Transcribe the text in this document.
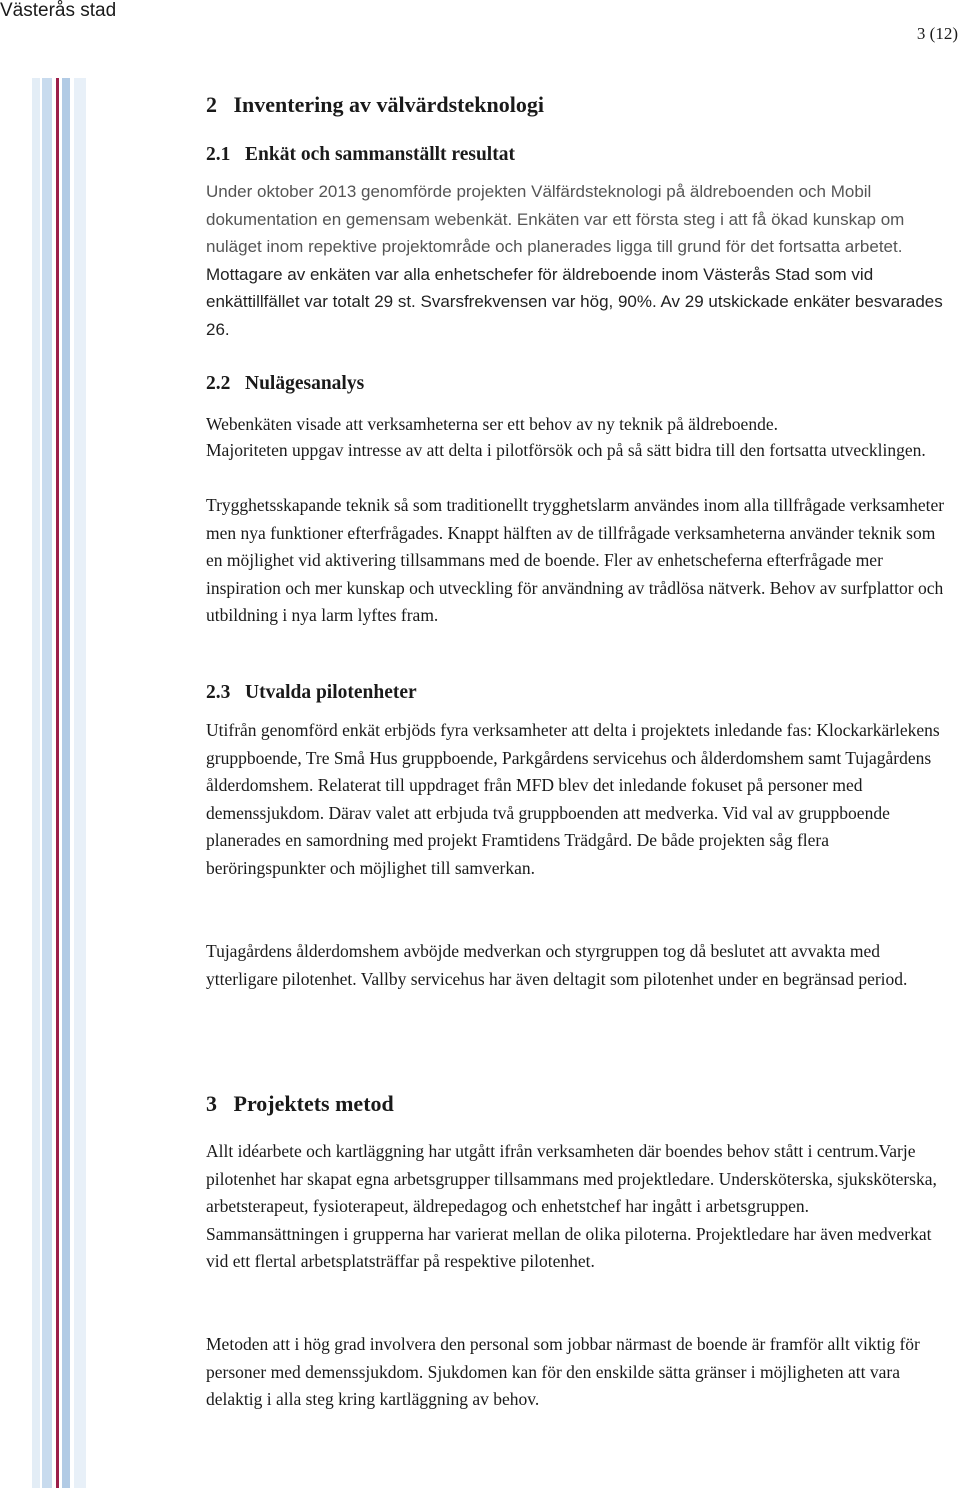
Västerås stad
3 (12)
2 Inventering av välvärdsteknologi
2.1 Enkät och sammanställt resultat

Under oktober 2013 genomförde projekten Välfärdsteknologi på äldreboenden och Mobil dokumentation en gemensam webenkät. Enkäten var ett första steg i att få ökad kunskap om nuläget inom repektive projektområde och planerades ligga till grund för det fortsatta arbetet. Mottagare av enkäten var alla enhetschefer för äldreboende inom Västerås Stad som vid enkättillfället var totalt 29 st. Svarsfrekvensen var hög, 90%. Av 29 utskickade enkäter besvarades 26.

2.2 Nulägesanalys

Webenkäten visade att verksamheterna ser ett behov av ny teknik på äldreboende.

Majoriteten uppgav intresse av att delta i pilotförsök och på så sätt bidra till den fortsatta utvecklingen.

Trygghetsskapande teknik så som traditionellt trygghetslarm användes inom alla tillfrågade verksamheter men nya funktioner efterfrågades. Knappt hälften av de tillfrågade verksamheterna använder teknik som en möjlighet vid aktivering tillsammans med de boende. Fler av enhetscheferna efterfrågade mer inspiration och mer kunskap och utveckling för användning av trådlösa nätverk. Behov av surfplattor och utbildning i nya larm lyftes fram.

2.3 Utvalda pilotenheter

Utifrån genomförd enkät erbjöds fyra verksamheter att delta i projektets inledande fas: Klockarkärlekens gruppboende, Tre Små Hus gruppboende, Parkgårdens servicehus och ålderdomshem samt Tujagårdens ålderdomshem. Relaterat till uppdraget från MFD blev det inledande fokuset på personer med demenssjukdom. Därav valet att erbjuda två gruppboenden att medverka. Vid val av gruppboende planerades en samordning med projekt Framtidens Trädgård. De både projekten såg flera beröringspunkter och möjlighet till samverkan.

Tujagårdens ålderdomshem avböjde medverkan och styrgruppen tog då beslutet att avvakta med ytterligare pilotenhet. Vallby servicehus har även deltagit som pilotenhet under en begränsad period.

3 Projektets metod

Allt idéarbete och kartläggning har utgått ifrån verksamheten där boendes behov stått i centrum.Varje pilotenhet har skapat egna arbetsgrupper tillsammans med projektledare. Undersköterska, sjuksköterska, arbetsterapeut, fysioterapeut, äldrepedagog och enhetstchef har ingått i arbetsgruppen. Sammansättningen i grupperna har varierat mellan de olika piloterna. Projektledare har även medverkat vid ett flertal arbetsplatsträffar på respektive pilotenhet.

Metoden att i hög grad involvera den personal som jobbar närmast de boende är framför allt viktig för personer med demenssjukdom. Sjukdomen kan för den enskilde sätta gränser i möjligheten att vara delaktig i alla steg kring kartläggning av behov.
